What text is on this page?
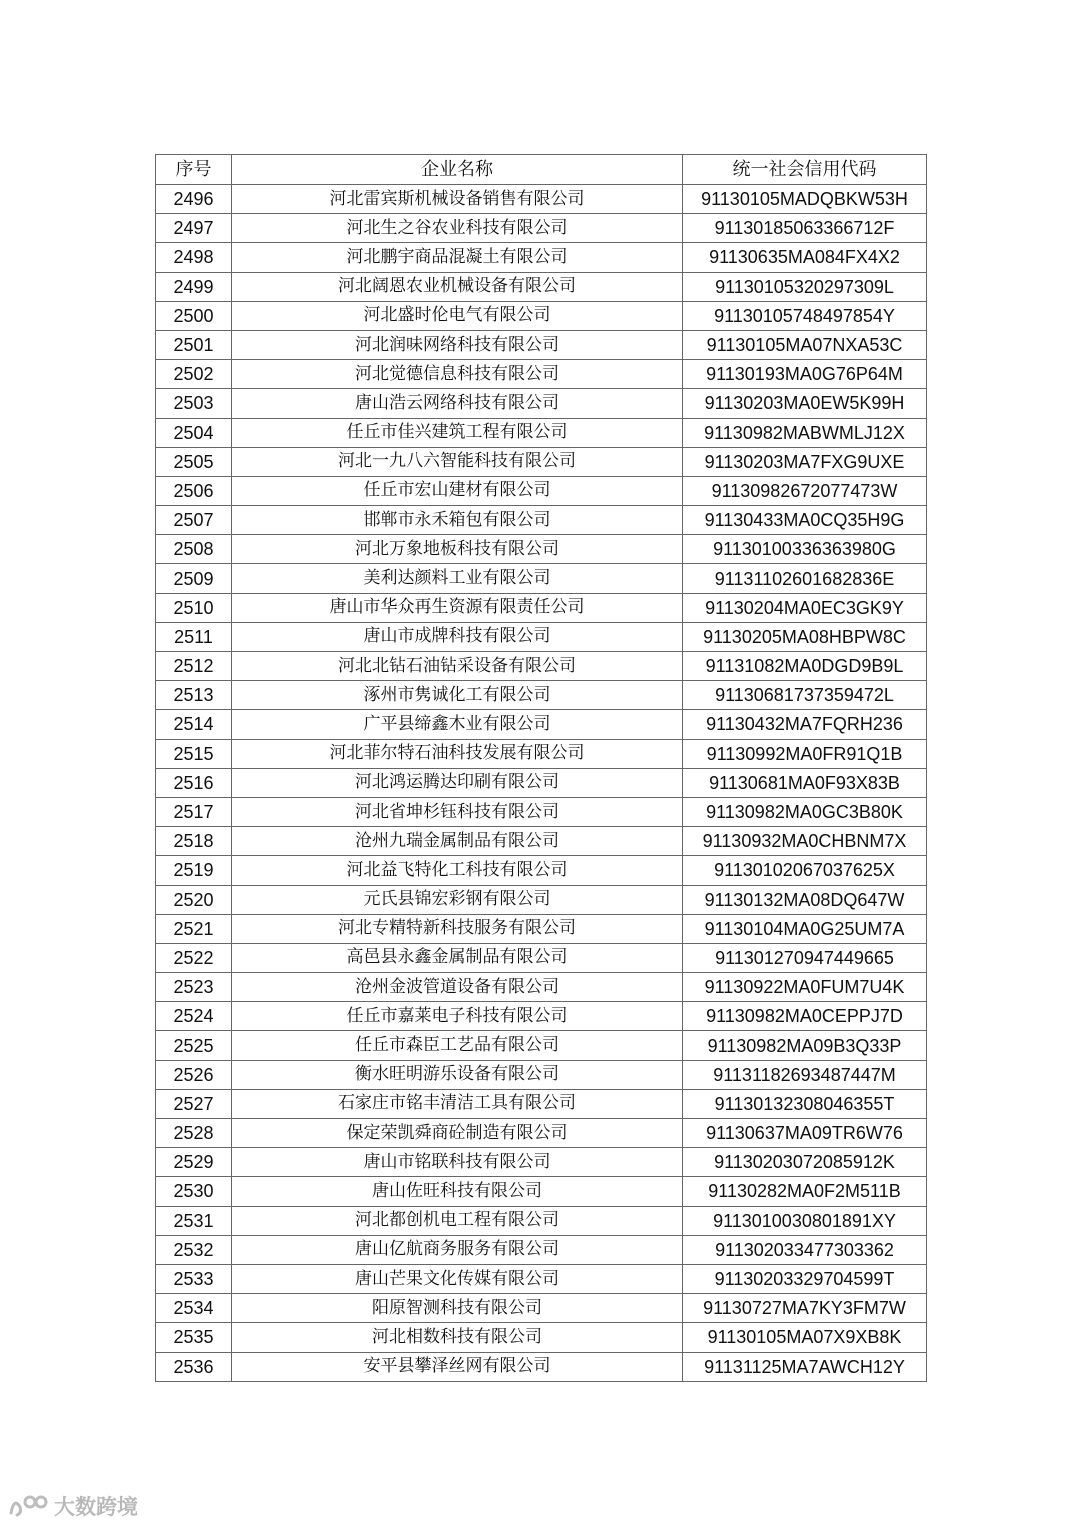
序号	企业名称	统一社会信用代码
2496	河北雷宾斯机械设备销售有限公司	91130105MADQBKW53H
2497	河北生之谷农业科技有限公司	91130185063366712F
2498	河北鹏宇商品混凝土有限公司	91130635MA084FX4X2
2499	河北阔恩农业机械设备有限公司	91130105320297309L
2500	河北盛时伦电气有限公司	91130105748497854Y
2501	河北润味网络科技有限公司	91130105MA07NXA53C
2502	河北觉德信息科技有限公司	91130193MA0G76P64M
2503	唐山浩云网络科技有限公司	91130203MA0EW5K99H
2504	任丘市佳兴建筑工程有限公司	91130982MABWMLJ12X
2505	河北一九八六智能科技有限公司	91130203MA7FXG9UXE
2506	任丘市宏山建材有限公司	91130982672077473W
2507	邯郸市永禾箱包有限公司	91130433MA0CQ35H9G
2508	河北万象地板科技有限公司	91130100336363980G
2509	美利达颜料工业有限公司	91131102601682836E
2510	唐山市华众再生资源有限责任公司	91130204MA0EC3GK9Y
2511	唐山市成牌科技有限公司	91130205MA08HBPW8C
2512	河北北钻石油钻采设备有限公司	91131082MA0DGD9B9L
2513	涿州市隽诚化工有限公司	91130681737359472L
2514	广平县缔鑫木业有限公司	91130432MA7FQRH236
2515	河北菲尔特石油科技发展有限公司	91130992MA0FR91Q1B
2516	河北鸿运腾达印刷有限公司	91130681MA0F93X83B
2517	河北省坤杉钰科技有限公司	91130982MA0GC3B80K
2518	沧州九瑞金属制品有限公司	91130932MA0CHBNM7X
2519	河北益飞特化工科技有限公司	91130102067037625X
2520	元氏县锦宏彩钢有限公司	91130132MA08DQ647W
2521	河北专精特新科技服务有限公司	91130104MA0G25UM7A
2522	高邑县永鑫金属制品有限公司	911301270947449665
2523	沧州金波管道设备有限公司	91130922MA0FUM7U4K
2524	任丘市嘉莱电子科技有限公司	91130982MA0CEPPJ7D
2525	任丘市森臣工艺品有限公司	91130982MA09B3Q33P
2526	衡水旺明游乐设备有限公司	91131182693487447M
2527	石家庄市铭丰清洁工具有限公司	91130132308046355T
2528	保定荣凯舜商砼制造有限公司	91130637MA09TR6W76
2529	唐山市铭联科技有限公司	91130203072085912K
2530	唐山佐旺科技有限公司	91130282MA0F2M511B
2531	河北都创机电工程有限公司	9113010030801891XY
2532	唐山亿航商务服务有限公司	911302033477303362
2533	唐山芒果文化传媒有限公司	91130203329704599T
2534	阳原智测科技有限公司	91130727MA7KY3FM7W
2535	河北相数科技有限公司	91130105MA07X9XB8K
2536	安平县攀泽丝网有限公司	91131125MA7AWCH12Y
大数跨境
